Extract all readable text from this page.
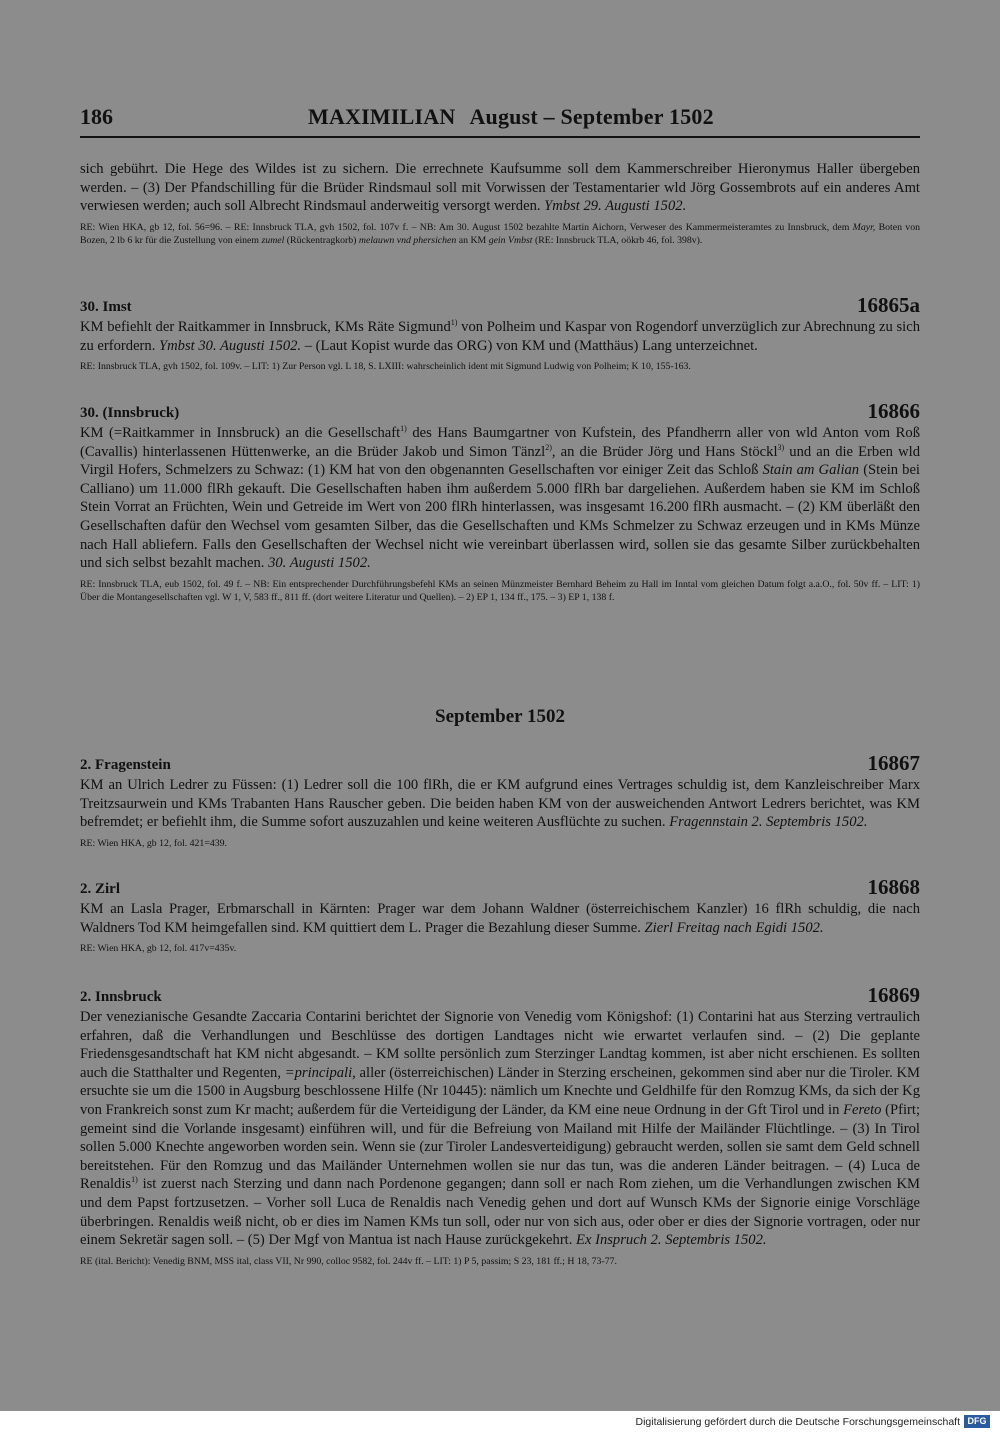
186	MAXIMILIAN August – September 1502
sich gebührt. Die Hege des Wildes ist zu sichern. Die errechnete Kaufsumme soll dem Kammerschreiber Hieronymus Haller übergeben werden. – (3) Der Pfandschilling für die Brüder Rindsmaul soll mit Vorwissen der Testamentarier wld Jörg Gossembrots auf ein anderes Amt verwiesen werden; auch soll Albrecht Rindsmaul anderweitig versorgt werden. Ymbst 29. Augusti 1502.
RE: Wien HKA, gb 12, fol. 56=96. – RE: Innsbruck TLA, gvh 1502, fol. 107v f. – NB: Am 30. August 1502 bezahlte Martin Aichorn, Verweser des Kammermeisteramtes zu Innsbruck, dem Mayr, Boten von Bozen, 2 lb 6 kr für die Zustellung von einem zumel (Rückentragkorb) melauwn vnd phersichen an KM gein Vmbst (RE: Innsbruck TLA, oökrb 46, fol. 398v).
30. Imst	16865a
KM befiehlt der Raitkammer in Innsbruck, KMs Räte Sigmund$^{1)}$ von Polheim und Kaspar von Rogendorf unverzüglich zur Abrechnung zu sich zu erfordern. Ymbst 30. Augusti 1502. – (Laut Kopist wurde das ORG) von KM und (Matthäus) Lang unterzeichnet.
RE: Innsbruck TLA, gvh 1502, fol. 109v. – LIT: 1) Zur Person vgl. L 18, S. LXIII: wahrscheinlich ident mit Sigmund Ludwig von Polheim; K 10, 155-163.
30. (Innsbruck)	16866
KM (=Raitkammer in Innsbruck) an die Gesellschaft$^{1)}$ des Hans Baumgartner von Kufstein, des Pfandherrn aller von wld Anton vom Roß (Cavallis) hinterlassenen Hüttenwerke, an die Brüder Jakob und Simon Tänzl$^{2)}$, an die Brüder Jörg und Hans Stöckl$^{3)}$ und an die Erben wld Virgil Hofers, Schmelzers zu Schwaz: (1) KM hat von den obgenannten Gesellschaften vor einiger Zeit das Schloß Stain am Galian (Stein bei Calliano) um 11.000 flRh gekauft. Die Gesellschaften haben ihm außerdem 5.000 flRh bar dargeliehen. Außerdem haben sie KM im Schloß Stein Vorrat an Früchten, Wein und Getreide im Wert von 200 flRh hinterlassen, was insgesamt 16.200 flRh ausmacht. – (2) KM überläßt den Gesellschaften dafür den Wechsel vom gesamten Silber, das die Gesellschaften und KMs Schmelzer zu Schwaz erzeugen und in KMs Münze nach Hall abliefern. Falls den Gesellschaften der Wechsel nicht wie vereinbart überlassen wird, sollen sie das gesamte Silber zurückbehalten und sich selbst bezahlt machen. 30. Augusti 1502.
RE: Innsbruck TLA, eub 1502, fol. 49 f. – NB: Ein entsprechender Durchführungsbefehl KMs an seinen Münzmeister Bernhard Beheim zu Hall im Inntal vom gleichen Datum folgt a.a.O., fol. 50v ff. – LIT: 1) Über die Montangesellschaften vgl. W 1, V, 583 ff., 811 ff. (dort weitere Literatur und Quellen). – 2) EP 1, 134 ff., 175. – 3) EP 1, 138 f.
September 1502
2. Fragenstein	16867
KM an Ulrich Ledrer zu Füssen: (1) Ledrer soll die 100 flRh, die er KM aufgrund eines Vertrages schuldig ist, dem Kanzleischreiber Marx Treitzsaurwein und KMs Trabanten Hans Rauscher geben. Die beiden haben KM von der ausweichenden Antwort Ledrers berichtet, was KM befremdet; er befiehlt ihm, die Summe sofort auszuzahlen und keine weiteren Ausflüchte zu suchen. Fragennstain 2. Septembris 1502.
RE: Wien HKA, gb 12, fol. 421=439.
2. Zirl	16868
KM an Lasla Prager, Erbmarschall in Kärnten: Prager war dem Johann Waldner (österreichischem Kanzler) 16 flRh schuldig, die nach Waldners Tod KM heimgefallen sind. KM quittiert dem L. Prager die Bezahlung dieser Summe. Zierl Freitag nach Egidi 1502.
RE: Wien HKA, gb 12, fol. 417v=435v.
2. Innsbruck	16869
Der venezianische Gesandte Zaccaria Contarini berichtet der Signorie von Venedig vom Königshof: (1) Contarini hat aus Sterzing vertraulich erfahren, daß die Verhandlungen und Beschlüsse des dortigen Landtages nicht wie erwartet verlaufen sind. – (2) Die geplante Friedensgesandtschaft hat KM nicht abgesandt. – KM sollte persönlich zum Sterzinger Landtag kommen, ist aber nicht erschienen. Es sollten auch die Statthalter und Regenten, =principali, aller (österreichischen) Länder in Sterzing erscheinen, gekommen sind aber nur die Tiroler. KM ersuchte sie um die 1500 in Augsburg beschlossene Hilfe (Nr 10445): nämlich um Knechte und Geldhilfe für den Romzug KMs, da sich der Kg von Frankreich sonst zum Kr macht; außerdem für die Verteidigung der Länder, da KM eine neue Ordnung in der Gft Tirol und in Fereto (Pfirt; gemeint sind die Vorlande insgesamt) einführen will, und für die Befreiung von Mailand mit Hilfe der Mailänder Flüchtlinge. – (3) In Tirol sollen 5.000 Knechte angeworben worden sein. Wenn sie (zur Tiroler Landesverteidigung) gebraucht werden, sollen sie samt dem Geld schnell bereitstehen. Für den Romzug und das Mailänder Unternehmen wollen sie nur das tun, was die anderen Länder beitragen. – (4) Luca de Renaldis$^{1)}$ ist zuerst nach Sterzing und dann nach Pordenone gegangen; dann soll er nach Rom ziehen, um die Verhandlungen zwischen KM und dem Papst fortzusetzen. – Vorher soll Luca de Renaldis nach Venedig gehen und dort auf Wunsch KMs der Signorie einige Vorschläge überbringen. Renaldis weiß nicht, ob er dies im Namen KMs tun soll, oder nur von sich aus, oder ober er dies der Signorie vortragen, oder nur einem Sekretär sagen soll. – (5) Der Mgf von Mantua ist nach Hause zurückgekehrt. Ex Inspruch 2. Septembris 1502.
RE (ital. Bericht): Venedig BNM, MSS ital, class VII, Nr 990, colloc 9582, fol. 244v ff. – LIT: 1) P 5, passim; S 23, 181 ff.; H 18, 73-77.
Digitalisierung gefördert durch die Deutsche Forschungsgemeinschaft DFG
